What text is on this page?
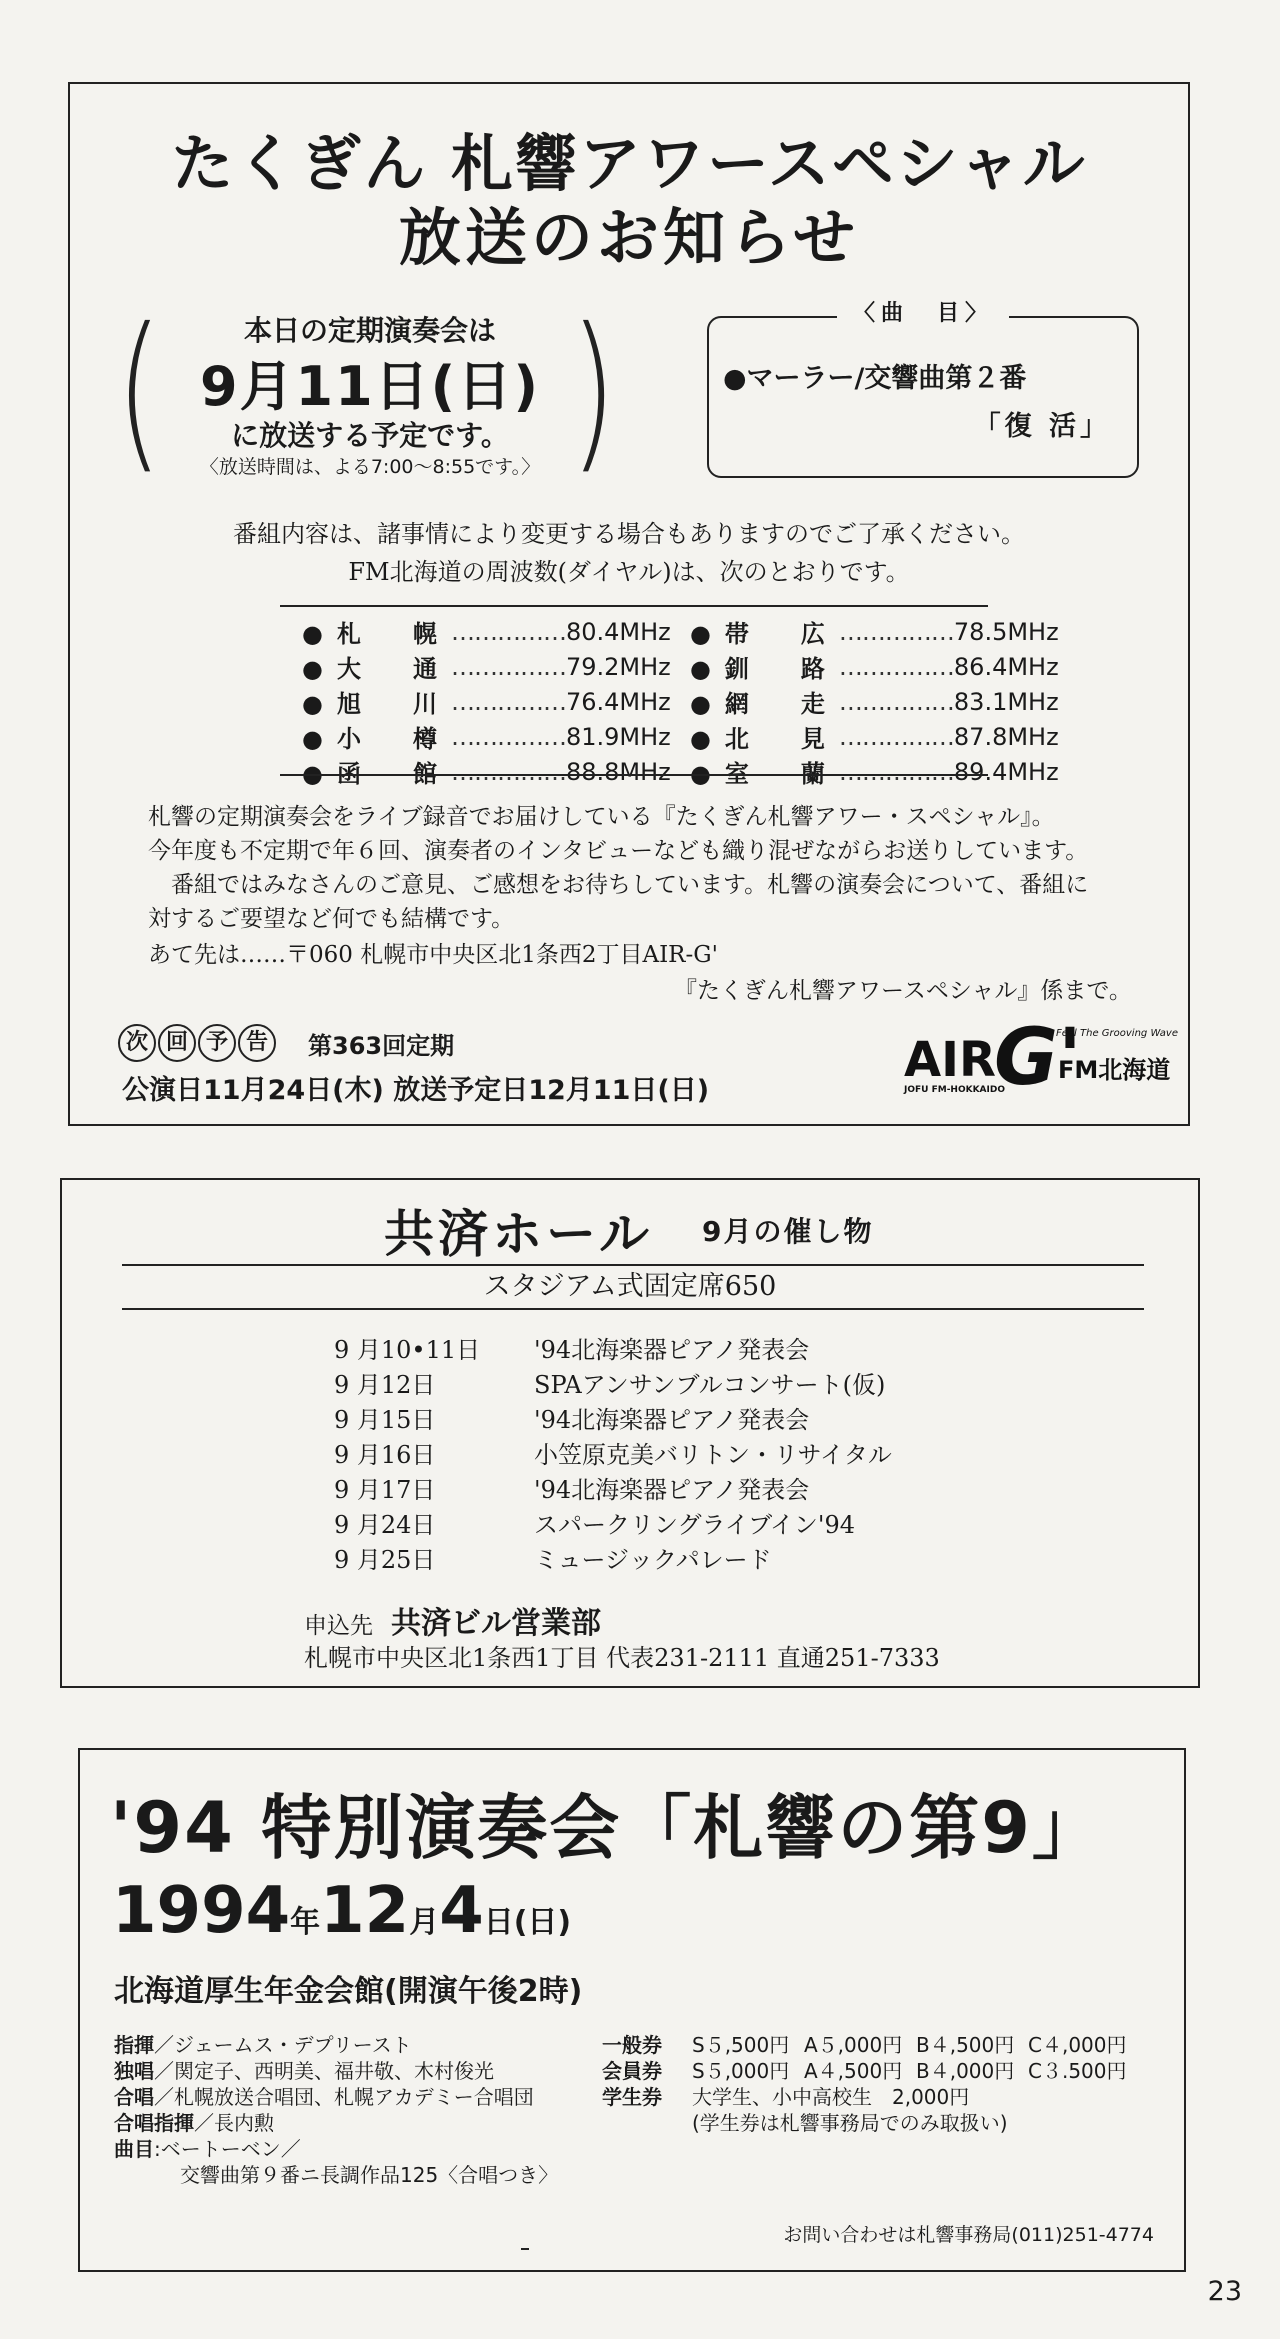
たくぎん 札響アワースペシャル
放送のお知らせ
( )
本日の定期演奏会は
9月11日(日)
に放送する予定です。
〈放送時間は、よる7:00〜8:55です。〉
〈曲　目〉
●マーラー/交響曲第２番
「復 活」
番組内容は、諸事情により変更する場合もありますのでご了承ください。
FM北海道の周波数(ダイヤル)は、次のとおりです。
●札　幌	……………	80.4MHz	●帯　広	……………	78.5MHz
●大　通	……………	79.2MHz	●釧　路	……………	86.4MHz
●旭　川	……………	76.4MHz	●網　走	……………	83.1MHz
●小　樽	……………	81.9MHz	●北　見	……………	87.8MHz
●函　館	……………	88.8MHz	●室　蘭	……………	89.4MHz
札響の定期演奏会をライブ録音でお届けしている『たくぎん札響アワー・スペシャル』。
今年度も不定期で年６回、演奏者のインタビューなども織り混ぜながらお送りしています。
　番組ではみなさんのご意見、ご感想をお待ちしています。札響の演奏会について、番組に
対するご要望など何でも結構です。
あて先は……〒060 札幌市中央区北1条西2丁目AIR-G'
『たくぎん札響アワースペシャル』係まで。
次 回 予 告	第363回定期
公演日11月24日(木) 放送予定日12月11日(日)
AIR
G'
Feel The Grooving Wave
JOFU FM-HOKKAIDO
FM北海道
共済ホール 9月の催し物
スタジアム式固定席650
9 月10•11日	'94北海楽器ピアノ発表会
9 月12日	SPAアンサンブルコンサート(仮)
9 月15日	'94北海楽器ピアノ発表会
9 月16日	小笠原克美バリトン・リサイタル
9 月17日	'94北海楽器ピアノ発表会
9 月24日	スパークリングライブイン'94
9 月25日	ミュージックパレード
申込先 共済ビル営業部
札幌市中央区北1条西1丁目 代表231-2111 直通251-7333
'94 特別演奏会「札響の第9」
1994年12月4日(日)
北海道厚生年金会館(開演午後2時)
指揮／ジェームス・デプリースト
独唱／関定子、西明美、福井敬、木村俊光
合唱／札幌放送合唱団、札幌アカデミー合唱団
合唱指揮／長内勲
曲目:ベートーベン／
交響曲第９番ニ長調作品125〈合唱つき〉
一般券	S５,500円	A５,000円	B４,500円	C４,000円
会員券	S５,000円	A４,500円	B４,000円	C３.500円
学生券	大学生、小中高校生　2,000円			
	(学生券は札響事務局でのみ取扱い)			
お問い合わせは札響事務局(011)251-4774
23
